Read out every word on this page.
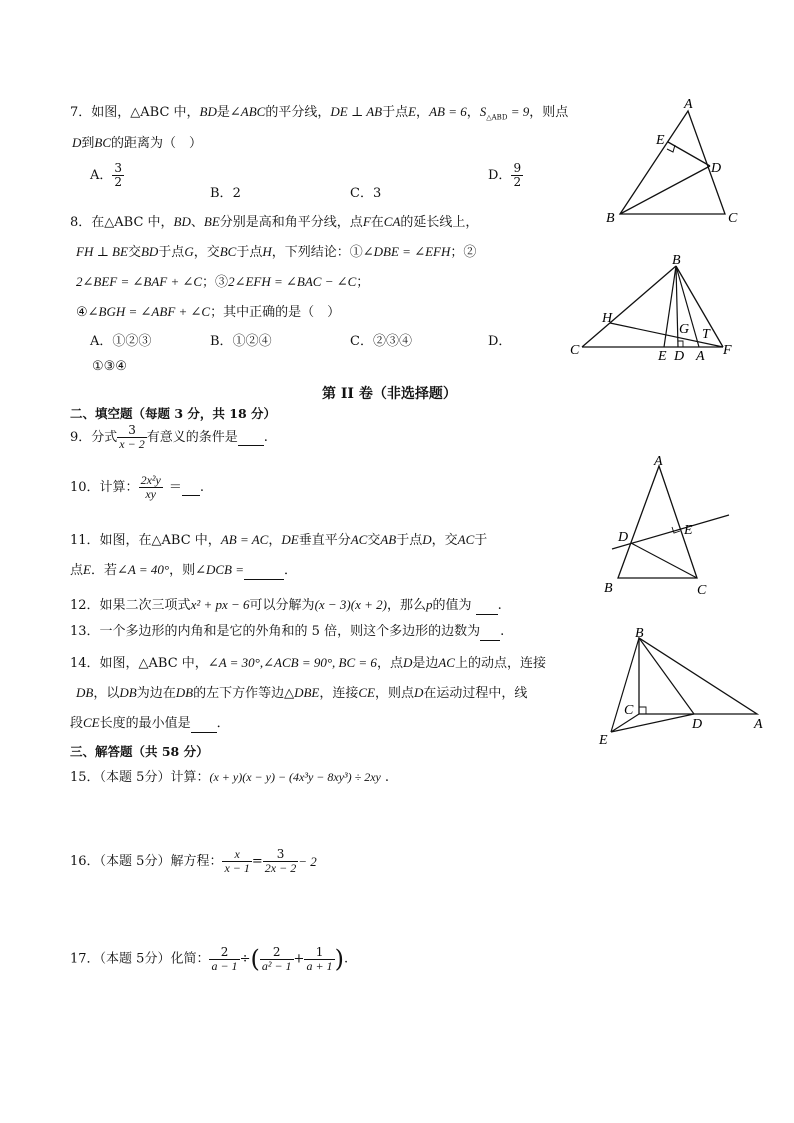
7．如图，△ABC 中，BD是∠ABC的平分线，DE ⊥ AB于点E，AB = 6，$S_{\triangle ABD} = 9$，则点
D到BC的距离为（　）
A． $\frac{3}{2}$
B．2	C．3
D． $\frac{9}{2}$
A
E
D
B	C
8．在△ABC 中，BD、BE分别是高和角平分线，点F在CA的延长线上，
FH ⊥ BE交BD于点G，交BC于点H，下列结论：①∠DBE = ∠EFH；②
2∠BEF = ∠BAF + ∠C；③2∠EFH = ∠BAC − ∠C；
④∠BGH = ∠ABF + ∠C；其中正确的是（　）
A．①②③	B．①②④	C．②③④	D．
①③④
B
H
G T
C	E D A F
第 II 卷（非选择题）
二、填空题（每题 3 分，共 18 分）
9．分式 $\frac{3}{x - 2}$ 有意义的条件是 .
10．计算： $\frac{\text{2x²y}}{xy}$ ＝ .
11．如图，在△ABC 中，AB = AC，DE垂直平分AC交AB于点D，交AC于
点E．若∠A = 40°，则∠DCB =	．
A
D	E
B	C
12．如果二次三项式x² + px − 6可以分解为(x − 3)(x + 2)，那么p的值为 .
13．一个多边形的内角和是它的外角和的 5 倍，则这个多边形的边数为 .
14．如图，△ABC 中，∠A = 30°,∠ACB = 90°, BC = 6，点D是边AC上的动点，连接
DB，以DB为边在DB的左下方作等边△DBE，连接CE，则点D在运动过程中，线
段CE长度的最小值是 ．
B
C
D	A
E
三、解答题（共 58 分）
15．（本题 5分）计算：(x + y)(x − y) − (4x³y − 8xy³) ÷ 2xy .
16．（本题 5分）解方程： $\frac{x}{x - 1} = \frac{3}{2x - 2} - 2$
17．（本题 5分）化简： $\frac{2}{a - 1}$ ÷( $\frac{2}{\text{a² − 1}} + \frac{1}{a + 1}$ ).
